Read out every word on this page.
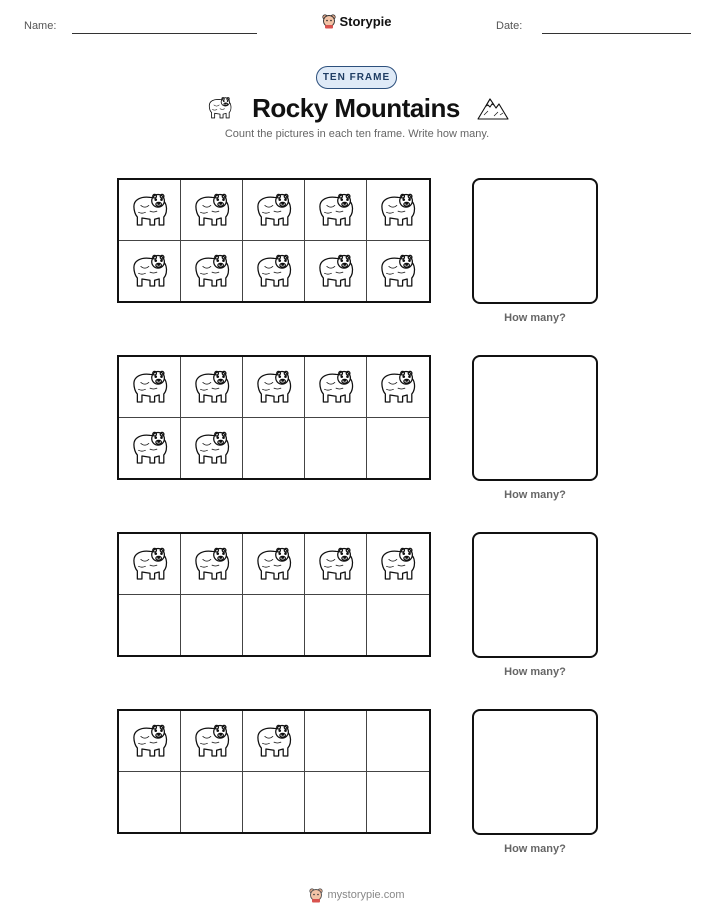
Name:	Storypie	Date:
TEN FRAME
Rocky Mountains
Count the pictures in each ten frame. Write how many.
How many?
How many?
How many?
How many?
mystorypie.com
